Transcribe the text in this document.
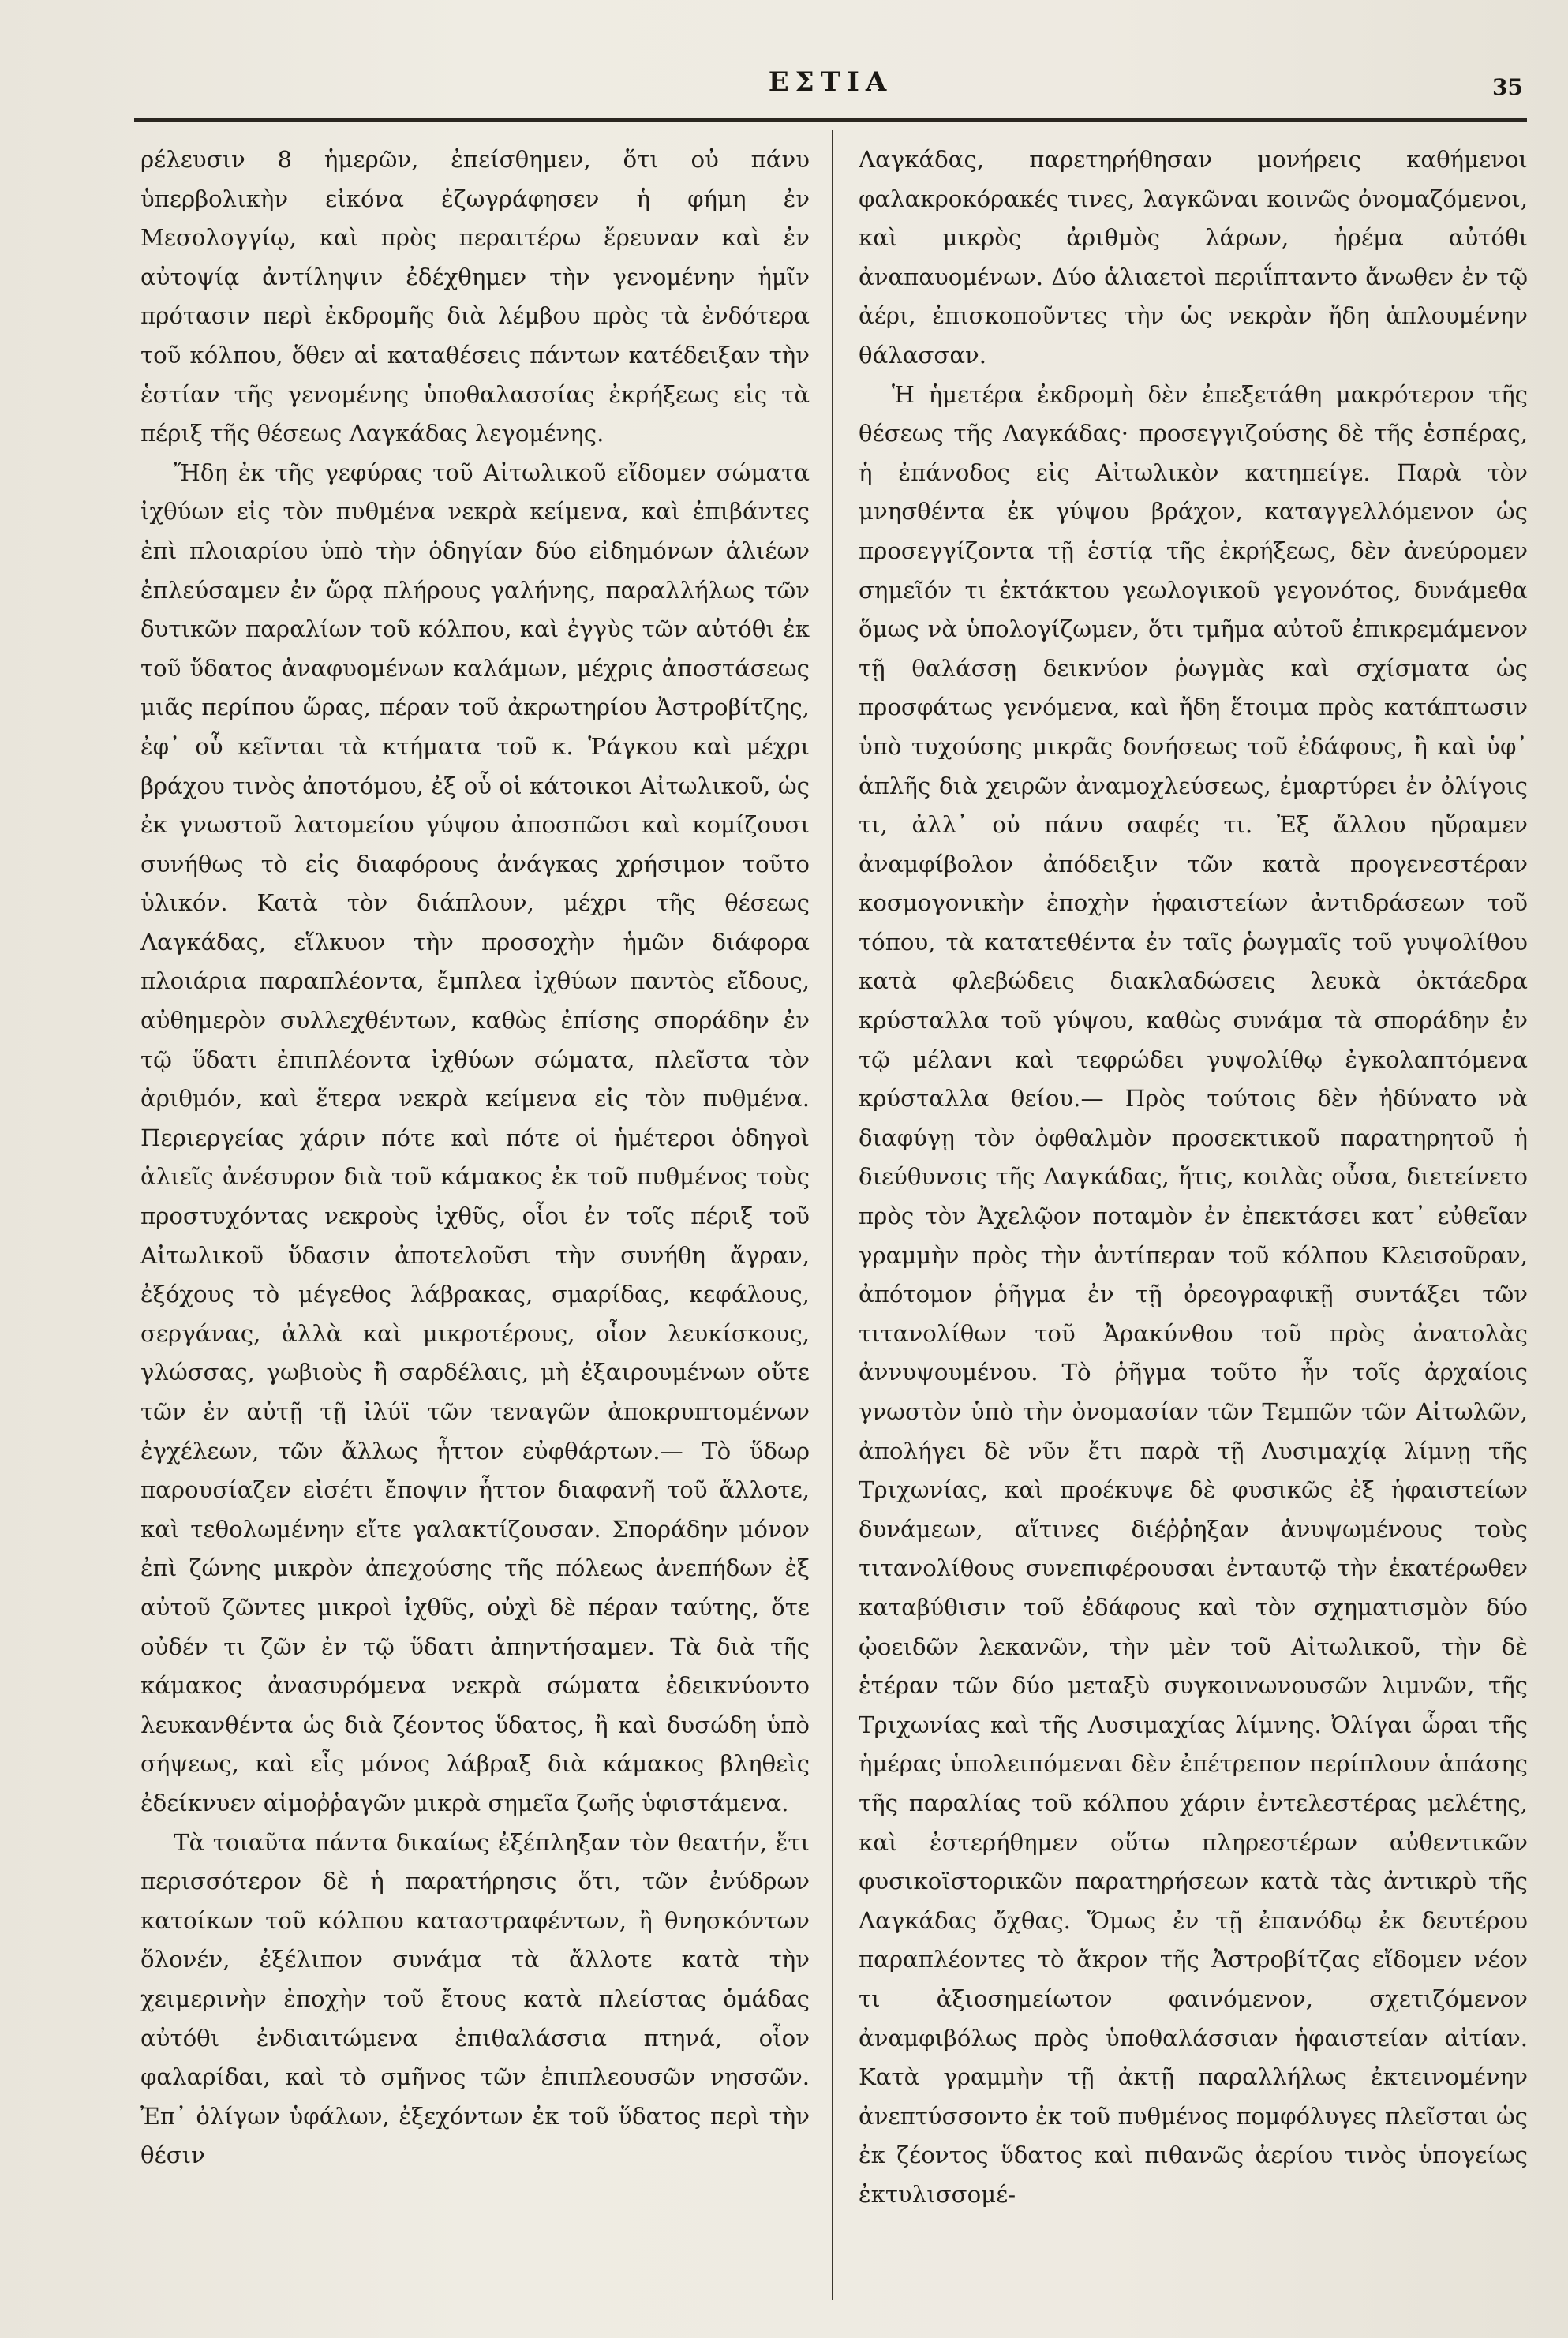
ΕΣΤΙΑ	35

ρέλευσιν 8 ἡμερῶν, ἐπείσθημεν, ὅτι οὐ πάνυ ὑπερβολικὴν εἰκόνα ἐζωγράφησεν ἡ φήμη ἐν Μεσολογγίῳ, καὶ πρὸς περαιτέρω ἔρευναν καὶ ἐν αὐτοψίᾳ ἀντίληψιν ἐδέχθημεν τὴν γενομένην ἡμῖν πρότασιν περὶ ἐκδρομῆς διὰ λέμβου πρὸς τὰ ἐνδότερα τοῦ κόλπου, ὅθεν αἱ καταθέσεις πάντων κατέδειξαν τὴν ἑστίαν τῆς γενομένης ὑποθαλασσίας ἐκρήξεως εἰς τὰ πέριξ τῆς θέσεως Λαγκάδας λεγομένης.

Ἤδη ἐκ τῆς γεφύρας τοῦ Αἰτωλικοῦ εἴδομεν σώματα ἰχθύων εἰς τὸν πυθμένα νεκρὰ κείμενα, καὶ ἐπιβάντες ἐπὶ πλοιαρίου ὑπὸ τὴν ὁδηγίαν δύο εἰδημόνων ἁλιέων ἐπλεύσαμεν ἐν ὥρᾳ πλήρους γαλήνης, παραλλήλως τῶν δυτικῶν παραλίων τοῦ κόλπου, καὶ ἐγγὺς τῶν αὐτόθι ἐκ τοῦ ὕδατος ἀναφυομένων καλάμων, μέχρις ἀποστάσεως μιᾶς περίπου ὥρας, πέραν τοῦ ἀκρωτηρίου Ἀστροβίτζης, ἐφ᾽ οὗ κεῖνται τὰ κτήματα τοῦ κ. Ῥάγκου καὶ μέχρι βράχου τινὸς ἀποτόμου, ἐξ οὗ οἱ κάτοικοι Αἰτωλικοῦ, ὡς ἐκ γνωστοῦ λατομείου γύψου ἀποσπῶσι καὶ κομίζουσι συνήθως τὸ εἰς διαφόρους ἀνάγκας χρήσιμον τοῦτο ὑλικόν. Κατὰ τὸν διάπλουν, μέχρι τῆς θέσεως Λαγκάδας, εἵλκυον τὴν προσοχὴν ἡμῶν διάφορα πλοιάρια παραπλέοντα, ἔμπλεα ἰχθύων παντὸς εἴδους, αὐθημερὸν συλλεχθέντων, καθὼς ἐπίσης σποράδην ἐν τῷ ὕδατι ἐπιπλέοντα ἰχθύων σώματα, πλεῖστα τὸν ἀριθμόν, καὶ ἕτερα νεκρὰ κείμενα εἰς τὸν πυθμένα. Περιεργείας χάριν πότε καὶ πότε οἱ ἡμέτεροι ὁδηγοὶ ἁλιεῖς ἀνέσυρον διὰ τοῦ κάμακος ἐκ τοῦ πυθμένος τοὺς προστυχόντας νεκροὺς ἰχθῦς, οἷοι ἐν τοῖς πέριξ τοῦ Αἰτωλικοῦ ὕδασιν ἀποτελοῦσι τὴν συνήθη ἄγραν, ἐξόχους τὸ μέγεθος λάβρακας, σμαρίδας, κεφάλους, σεργάνας, ἀλλὰ καὶ μικροτέρους, οἷον λευκίσκους, γλώσσας, γωβιοὺς ἢ σαρδέλαις, μὴ ἐξαιρουμένων οὔτε τῶν ἐν αὐτῇ τῇ ἰλύϊ τῶν τεναγῶν ἀποκρυπτομένων ἐγχέλεων, τῶν ἄλλως ἧττον εὐφθάρτων.— Τὸ ὕδωρ παρουσίαζεν εἰσέτι ἔποψιν ἧττον διαφανῆ τοῦ ἄλλοτε, καὶ τεθολωμένην εἴτε γαλακτίζουσαν. Σποράδην μόνον ἐπὶ ζώνης μικρὸν ἀπεχούσης τῆς πόλεως ἀνεπήδων ἐξ αὐτοῦ ζῶντες μικροὶ ἰχθῦς, οὐχὶ δὲ πέραν ταύτης, ὅτε οὐδέν τι ζῶν ἐν τῷ ὕδατι ἀπηντήσαμεν. Τὰ διὰ τῆς κάμακος ἀνασυρόμενα νεκρὰ σώματα ἐδεικνύοντο λευκανθέντα ὡς διὰ ζέοντος ὕδατος, ἢ καὶ δυσώδη ὑπὸ σήψεως, καὶ εἷς μόνος λάβραξ διὰ κάμακος βληθεὶς ἐδείκνυεν αἱμοῤῥαγῶν μικρὰ σημεῖα ζωῆς ὑφιστάμενα.

Τὰ τοιαῦτα πάντα δικαίως ἐξέπληξαν τὸν θεατήν, ἔτι περισσότερον δὲ ἡ παρατήρησις ὅτι, τῶν ἐνύδρων κατοίκων τοῦ κόλπου καταστραφέντων, ἢ θνησκόντων ὅλονέν, ἐξέλιπον συνάμα τὰ ἄλλοτε κατὰ τὴν χειμερινὴν ἐποχὴν τοῦ ἔτους κατὰ πλείστας ὁμάδας αὐτόθι ἐνδιαιτώμενα ἐπιθαλάσσια πτηνά, οἷον φαλαρίδαι, καὶ τὸ σμῆνος τῶν ἐπιπλεουσῶν νησσῶν. Ἐπ᾽ ὀλίγων ὑφάλων, ἐξεχόντων ἐκ τοῦ ὕδατος περὶ τὴν θέσιν

Λαγκάδας, παρετηρήθησαν μονήρεις καθήμενοι φαλακροκόρακές τινες, λαγκῶναι κοινῶς ὀνομαζόμενοι, καὶ μικρὸς ἀριθμὸς λάρων, ἠρέμα αὐτόθι ἀναπαυομένων. Δύο ἁλιαετοὶ περιΐπταντο ἄνωθεν ἐν τῷ ἀέρι, ἐπισκοποῦντες τὴν ὡς νεκρὰν ἤδη ἁπλουμένην θάλασσαν.

Ἡ ἡμετέρα ἐκδρομὴ δὲν ἐπεξετάθη μακρότερον τῆς θέσεως τῆς Λαγκάδας· προσεγγιζούσης δὲ τῆς ἑσπέρας, ἡ ἐπάνοδος εἰς Αἰτωλικὸν κατηπείγε. Παρὰ τὸν μνησθέντα ἐκ γύψου βράχον, καταγγελλόμενον ὡς προσεγγίζοντα τῇ ἑστίᾳ τῆς ἐκρήξεως, δὲν ἀνεύρομεν σημεῖόν τι ἐκτάκτου γεωλογικοῦ γεγονότος, δυνάμεθα ὅμως νὰ ὑπολογίζωμεν, ὅτι τμῆμα αὐτοῦ ἐπικρεμάμενον τῇ θαλάσσῃ δεικνύον ῥωγμὰς καὶ σχίσματα ὡς προσφάτως γενόμενα, καὶ ἤδη ἕτοιμα πρὸς κατάπτωσιν ὑπὸ τυχούσης μικρᾶς δονήσεως τοῦ ἐδάφους, ἢ καὶ ὑφ᾽ ἁπλῆς διὰ χειρῶν ἀναμοχλεύσεως, ἐμαρτύρει ἐν ὀλίγοις τι, ἀλλ᾽ οὐ πάνυ σαφές τι. Ἐξ ἄλλου ηὕραμεν ἀναμφίβολον ἀπόδειξιν τῶν κατὰ προγενεστέραν κοσμογονικὴν ἐποχὴν ἡφαιστείων ἀντιδράσεων τοῦ τόπου, τὰ κατατεθέντα ἐν ταῖς ῥωγμαῖς τοῦ γυψολίθου κατὰ φλεβώδεις διακλαδώσεις λευκὰ ὀκτάεδρα κρύσταλλα τοῦ γύψου, καθὼς συνάμα τὰ σποράδην ἐν τῷ μέλανι καὶ τεφρώδει γυψολίθῳ ἐγκολαπτόμενα κρύσταλλα θείου.— Πρὸς τούτοις δὲν ἠδύνατο νὰ διαφύγῃ τὸν ὀφθαλμὸν προσεκτικοῦ παρατηρητοῦ ἡ διεύθυνσις τῆς Λαγκάδας, ἥτις, κοιλὰς οὖσα, διετείνετο πρὸς τὸν Ἀχελῷον ποταμὸν ἐν ἐπεκτάσει κατ᾽ εὐθεῖαν γραμμὴν πρὸς τὴν ἀντίπεραν τοῦ κόλπου Κλεισοῦραν, ἀπότομον ῥῆγμα ἐν τῇ ὀρεογραφικῇ συντάξει τῶν τιτανολίθων τοῦ Ἀρακύνθου τοῦ πρὸς ἀνατολὰς ἀννυψουμένου. Τὸ ῥῆγμα τοῦτο ἦν τοῖς ἀρχαίοις γνωστὸν ὑπὸ τὴν ὀνομασίαν τῶν Τεμπῶν τῶν Αἰτωλῶν, ἀπολήγει δὲ νῦν ἔτι παρὰ τῇ Λυσιμαχίᾳ λίμνῃ τῆς Τριχωνίας, καὶ προέκυψε δὲ φυσικῶς ἐξ ἡφαιστείων δυνάμεων, αἵτινες διέῤῥηξαν ἀνυψωμένους τοὺς τιτανολίθους συνεπιφέρουσαι ἐνταυτῷ τὴν ἑκατέρωθεν καταβύθισιν τοῦ ἐδάφους καὶ τὸν σχηματισμὸν δύο ᾠοειδῶν λεκανῶν, τὴν μὲν τοῦ Αἰτωλικοῦ, τὴν δὲ ἑτέραν τῶν δύο μεταξὺ συγκοινωνουσῶν λιμνῶν, τῆς Τριχωνίας καὶ τῆς Λυσιμαχίας λίμνης. Ὀλίγαι ὧραι τῆς ἡμέρας ὑπολειπόμεναι δὲν ἐπέτρεπον περίπλουν ἁπάσης τῆς παραλίας τοῦ κόλπου χάριν ἐντελεστέρας μελέτης, καὶ ἐστερήθημεν οὕτω πληρεστέρων αὐθεντικῶν φυσικοϊστορικῶν παρατηρήσεων κατὰ τὰς ἀντικρὺ τῆς Λαγκάδας ὄχθας. Ὅμως ἐν τῇ ἐπανόδῳ ἐκ δευτέρου παραπλέοντες τὸ ἄκρον τῆς Ἀστροβίτζας εἴδομεν νέον τι ἀξιοσημείωτον φαινόμενον, σχετιζόμενον ἀναμφιβόλως πρὸς ὑποθαλάσσιαν ἡφαιστείαν αἰτίαν. Κατὰ γραμμὴν τῇ ἀκτῇ παραλλήλως ἐκτεινομένην ἀνεπτύσσοντο ἐκ τοῦ πυθμένος πομφόλυγες πλεῖσται ὡς ἐκ ζέοντος ὕδατος καὶ πιθανῶς ἀερίου τινὸς ὑπογείως ἐκτυλισσομέ-
